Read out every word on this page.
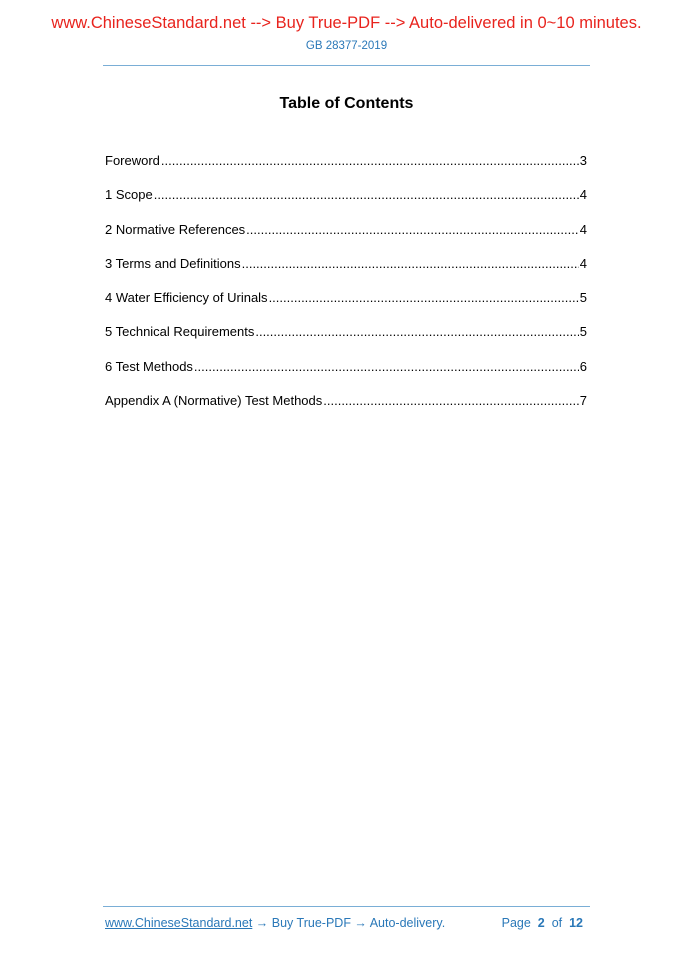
www.ChineseStandard.net --> Buy True-PDF --> Auto-delivered in 0~10 minutes.
GB 28377-2019
Table of Contents
Foreword .....	3
1 Scope .....	4
2 Normative References .....	4
3 Terms and Definitions .....	4
4 Water Efficiency of Urinals .....	5
5 Technical Requirements .....	5
6 Test Methods .....	6
Appendix A (Normative) Test Methods .....	7
www.ChineseStandard.net → Buy True-PDF → Auto-delivery.	Page 2 of 12
